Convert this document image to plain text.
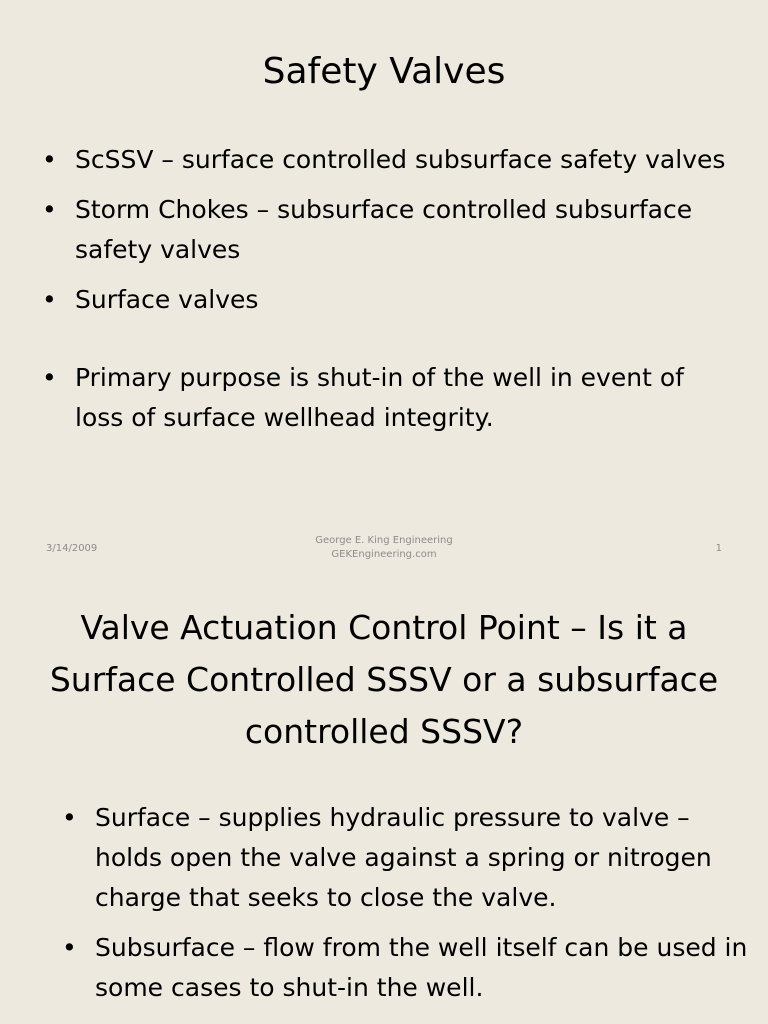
Safety Valves
• ScSSV – surface controlled subsurface safety valves
• Storm Chokes – subsurface controlled subsurface safety valves
• Surface valves
• Primary purpose is shut-in of the well in event of loss of surface wellhead integrity.
3/14/2009
George E. King Engineering
GEKEngineering.com
1
Valve Actuation Control Point – Is it a Surface Controlled SSSV or a subsurface controlled SSSV?
• Surface – supplies hydraulic pressure to valve – holds open the valve against a spring or nitrogen charge that seeks to close the valve.
• Subsurface – flow from the well itself can be used in some cases to shut-in the well.
